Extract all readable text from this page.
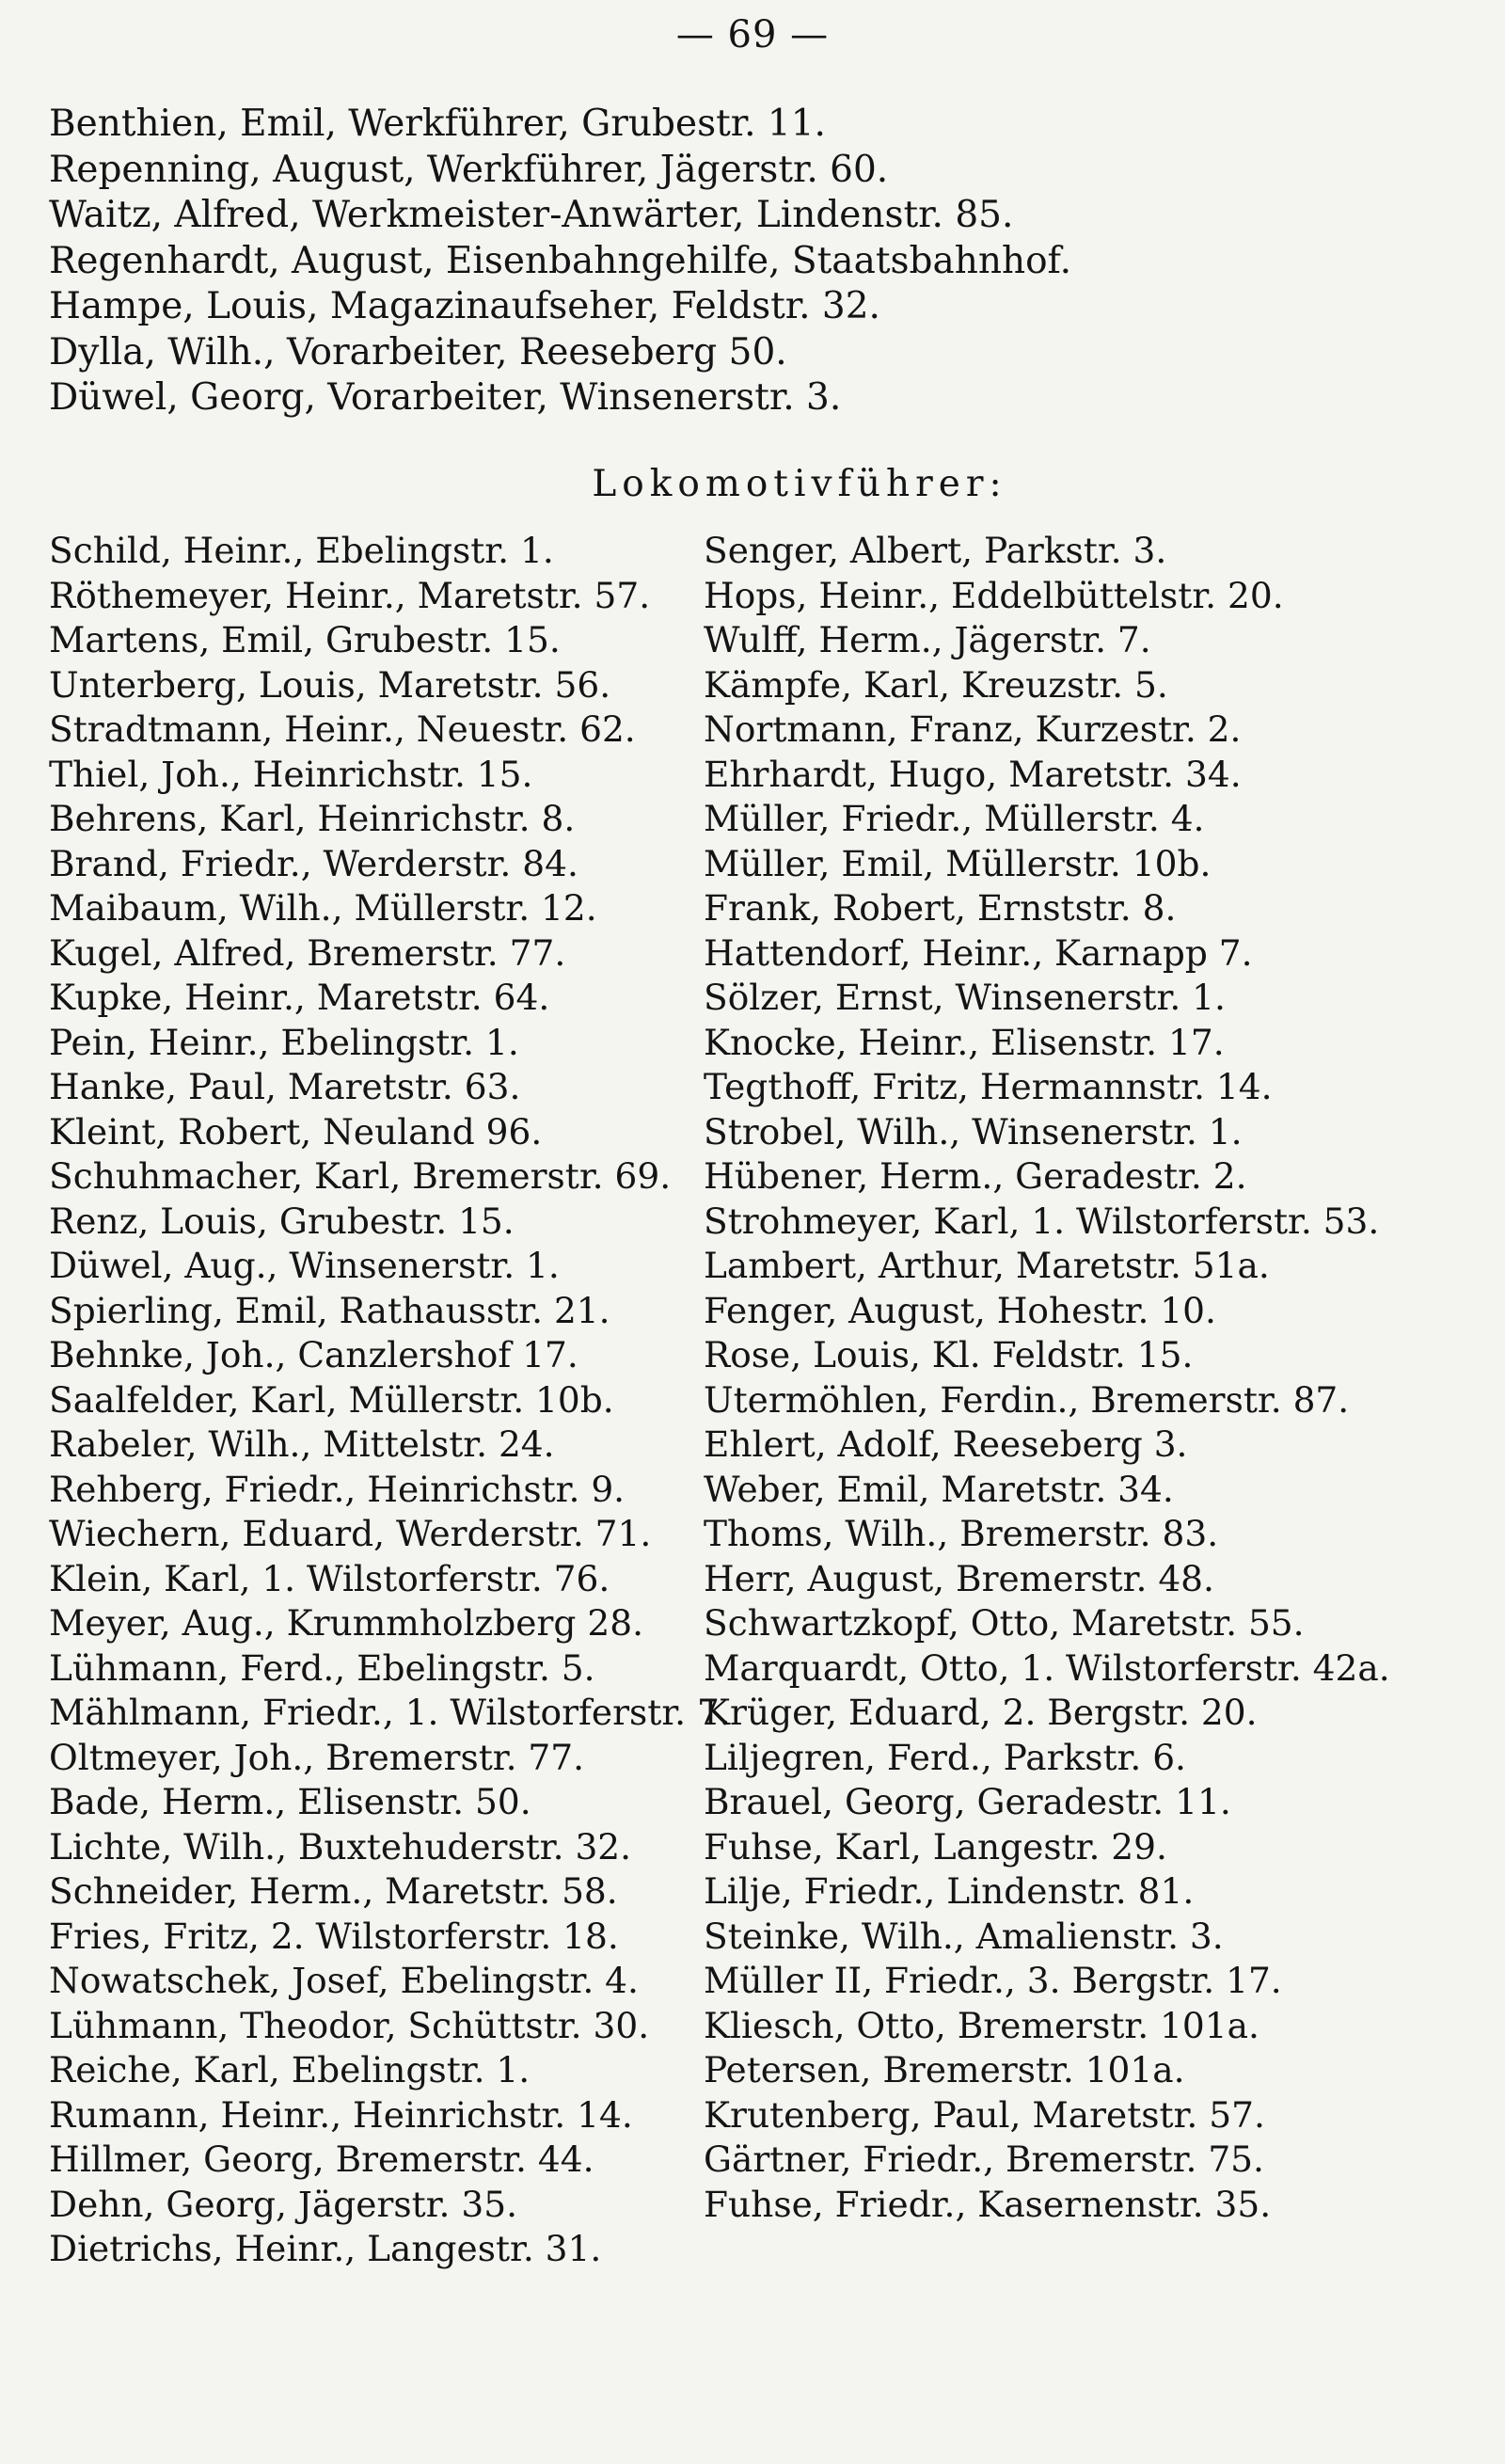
— 69 —
Benthien, Emil, Werkführer, Grubestr. 11.
Repenning, August, Werkführer, Jägerstr. 60.
Waitz, Alfred, Werkmeister-Anwärter, Lindenstr. 85.
Regenhardt, August, Eisenbahngehilfe, Staatsbahnhof.
Hampe, Louis, Magazinaufseher, Feldstr. 32.
Dylla, Wilh., Vorarbeiter, Reeseberg 50.
Düwel, Georg, Vorarbeiter, Winsenerstr. 3.
Lokomotivführer:
Schild, Heinr., Ebelingstr. 1.
Röthemeyer, Heinr., Maretstr. 57.
Martens, Emil, Grubestr. 15.
Unterberg, Louis, Maretstr. 56.
Stradtmann, Heinr., Neuestr. 62.
Thiel, Joh., Heinrichstr. 15.
Behrens, Karl, Heinrichstr. 8.
Brand, Friedr., Werderstr. 84.
Maibaum, Wilh., Müllerstr. 12.
Kugel, Alfred, Bremerstr. 77.
Kupke, Heinr., Maretstr. 64.
Pein, Heinr., Ebelingstr. 1.
Hanke, Paul, Maretstr. 63.
Kleint, Robert, Neuland 96.
Schuhmacher, Karl, Bremerstr. 69.
Renz, Louis, Grubestr. 15.
Düwel, Aug., Winsenerstr. 1.
Spierling, Emil, Rathausstr. 21.
Behnke, Joh., Canzlershof 17.
Saalfelder, Karl, Müllerstr. 10b.
Rabeler, Wilh., Mittelstr. 24.
Rehberg, Friedr., Heinrichstr. 9.
Wiechern, Eduard, Werderstr. 71.
Klein, Karl, 1. Wilstorferstr. 76.
Meyer, Aug., Krummholzberg 28.
Lühmann, Ferd., Ebelingstr. 5.
Mählmann, Friedr., 1. Wilstorferstr. 7.
Oltmeyer, Joh., Bremerstr. 77.
Bade, Herm., Elisenstr. 50.
Lichte, Wilh., Buxtehuderstr. 32.
Schneider, Herm., Maretstr. 58.
Fries, Fritz, 2. Wilstorferstr. 18.
Nowatschek, Josef, Ebelingstr. 4.
Lühmann, Theodor, Schüttstr. 30.
Reiche, Karl, Ebelingstr. 1.
Rumann, Heinr., Heinrichstr. 14.
Hillmer, Georg, Bremerstr. 44.
Dehn, Georg, Jägerstr. 35.
Dietrichs, Heinr., Langestr. 31.
Senger, Albert, Parkstr. 3.
Hops, Heinr., Eddelbüttelstr. 20.
Wulff, Herm., Jägerstr. 7.
Kämpfe, Karl, Kreuzstr. 5.
Nortmann, Franz, Kurzestr. 2.
Ehrhardt, Hugo, Maretstr. 34.
Müller, Friedr., Müllerstr. 4.
Müller, Emil, Müllerstr. 10b.
Frank, Robert, Ernststr. 8.
Hattendorf, Heinr., Karnapp 7.
Sölzer, Ernst, Winsenerstr. 1.
Knocke, Heinr., Elisenstr. 17.
Tegthoff, Fritz, Hermannstr. 14.
Strobel, Wilh., Winsenerstr. 1.
Hübener, Herm., Geradestr. 2.
Strohmeyer, Karl, 1. Wilstorferstr. 53.
Lambert, Arthur, Maretstr. 51a.
Fenger, August, Hohestr. 10.
Rose, Louis, Kl. Feldstr. 15.
Utermöhlen, Ferdin., Bremerstr. 87.
Ehlert, Adolf, Reeseberg 3.
Weber, Emil, Maretstr. 34.
Thoms, Wilh., Bremerstr. 83.
Herr, August, Bremerstr. 48.
Schwartzkopf, Otto, Maretstr. 55.
Marquardt, Otto, 1. Wilstorferstr. 42a.
Krüger, Eduard, 2. Bergstr. 20.
Liljegren, Ferd., Parkstr. 6.
Brauel, Georg, Geradestr. 11.
Fuhse, Karl, Langestr. 29.
Lilje, Friedr., Lindenstr. 81.
Steinke, Wilh., Amalienstr. 3.
Müller II, Friedr., 3. Bergstr. 17.
Kliesch, Otto, Bremerstr. 101a.
Petersen, Bremerstr. 101a.
Krutenberg, Paul, Maretstr. 57.
Gärtner, Friedr., Bremerstr. 75.
Fuhse, Friedr., Kasernenstr. 35.
